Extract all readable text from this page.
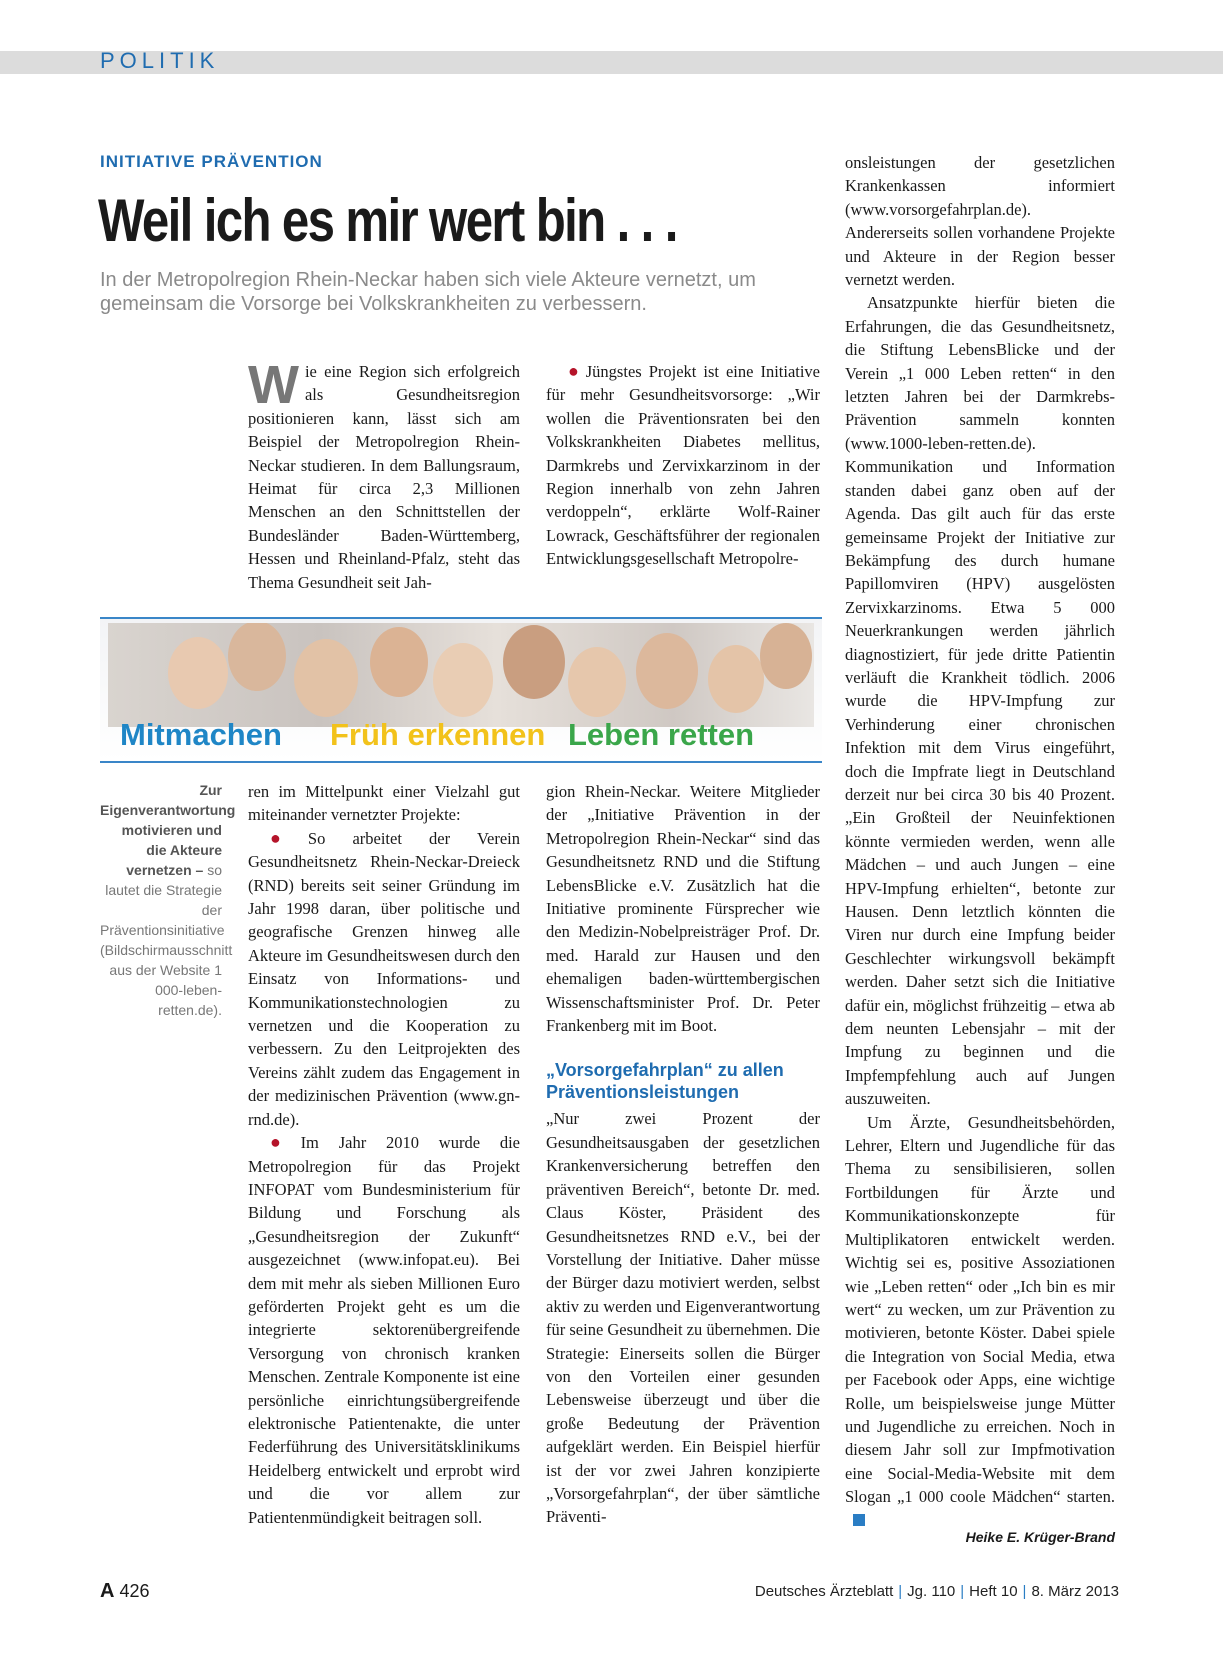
POLITIK
INITIATIVE PRÄVENTION
Weil ich es mir wert bin . . .
In der Metropolregion Rhein-Neckar haben sich viele Akteure vernetzt, um gemeinsam die Vorsorge bei Volkskrankheiten zu verbessern.

Wie eine Region sich erfolgreich als Gesundheitsregion positionieren kann, lässt sich am Beispiel der Metropolregion Rhein-Neckar studieren. In dem Ballungsraum, Heimat für circa 2,3 Millionen Menschen an den Schnittstellen der Bundesländer Baden-Württemberg, Hessen und Rheinland-Pfalz, steht das Thema Gesundheit seit Jah-

● Jüngstes Projekt ist eine Initiative für mehr Gesundheitsvorsorge: „Wir wollen die Präventionsraten bei den Volkskrankheiten Diabetes mellitus, Darmkrebs und Zervixkarzinom in der Region innerhalb von zehn Jahren verdoppeln“, erklärte Wolf-Rainer Lowrack, Geschäftsführer der regionalen Entwicklungsgesellschaft Metropolre-

Mitmachen Früh erkennen Leben retten
Zur Eigenverantwortung motivieren und die Akteure vernetzen – so lautet die Strategie der Präventionsinitiative (Bildschirmausschnitt aus der Website 1 000-leben-retten.de).

ren im Mittelpunkt einer Vielzahl gut miteinander vernetzter Projekte:

● So arbeitet der Verein Gesundheitsnetz Rhein-Neckar-Dreieck (RND) bereits seit seiner Gründung im Jahr 1998 daran, über politische und geografische Grenzen hinweg alle Akteure im Gesundheitswesen durch den Einsatz von Informations- und Kommunikationstechnologien zu vernetzen und die Kooperation zu verbessern. Zu den Leitprojekten des Vereins zählt zudem das Engagement in der medizinischen Prävention (www.gn-rnd.de).

● Im Jahr 2010 wurde die Metropolregion für das Projekt INFOPAT vom Bundesministerium für Bildung und Forschung als „Gesundheitsregion der Zukunft“ ausgezeichnet (www.infopat.eu). Bei dem mit mehr als sieben Millionen Euro geförderten Projekt geht es um die integrierte sektorenübergreifende Versorgung von chronisch kranken Menschen. Zentrale Komponente ist eine persönliche einrichtungsübergreifende elektronische Patientenakte, die unter Federführung des Universitätsklinikums Heidelberg entwickelt und erprobt wird und die vor allem zur Patientenmündigkeit beitragen soll.

gion Rhein-Neckar. Weitere Mitglieder der „Initiative Prävention in der Metropolregion Rhein-Neckar“ sind das Gesundheitsnetz RND und die Stiftung LebensBlicke e.V. Zusätzlich hat die Initiative prominente Fürsprecher wie den Medizin-Nobelpreisträger Prof. Dr. med. Harald zur Hausen und den ehemaligen baden-württembergischen Wissenschaftsminister Prof. Dr. Peter Frankenberg mit im Boot.

„Vorsorgefahrplan“ zu allen Präventionsleistungen

„Nur zwei Prozent der Gesundheitsausgaben der gesetzlichen Krankenversicherung betreffen den präventiven Bereich“, betonte Dr. med. Claus Köster, Präsident des Gesundheitsnetzes RND e.V., bei der Vorstellung der Initiative. Daher müsse der Bürger dazu motiviert werden, selbst aktiv zu werden und Eigenverantwortung für seine Gesundheit zu übernehmen. Die Strategie: Einerseits sollen die Bürger von den Vorteilen einer gesunden Lebensweise überzeugt und über die große Bedeutung der Prävention aufgeklärt werden. Ein Beispiel hierfür ist der vor zwei Jahren konzipierte „Vorsorgefahrplan“, der über sämtliche Präventi-

onsleistungen der gesetzlichen Krankenkassen informiert (www.vorsorgefahrplan.de). Andererseits sollen vorhandene Projekte und Akteure in der Region besser vernetzt werden.

Ansatzpunkte hierfür bieten die Erfahrungen, die das Gesundheitsnetz, die Stiftung LebensBlicke und der Verein „1 000 Leben retten“ in den letzten Jahren bei der Darmkrebs-Prävention sammeln konnten (www.1000-leben-retten.de). Kommunikation und Information standen dabei ganz oben auf der Agenda. Das gilt auch für das erste gemeinsame Projekt der Initiative zur Bekämpfung des durch humane Papillomviren (HPV) ausgelösten Zervixkarzinoms. Etwa 5 000 Neuerkrankungen werden jährlich diagnostiziert, für jede dritte Patientin verläuft die Krankheit tödlich. 2006 wurde die HPV-Impfung zur Verhinderung einer chronischen Infektion mit dem Virus eingeführt, doch die Impfrate liegt in Deutschland derzeit nur bei circa 30 bis 40 Prozent. „Ein Großteil der Neuinfektionen könnte vermieden werden, wenn alle Mädchen – und auch Jungen – eine HPV-Impfung erhielten“, betonte zur Hausen. Denn letztlich könnten die Viren nur durch eine Impfung beider Geschlechter wirkungsvoll bekämpft werden. Daher setzt sich die Initiative dafür ein, möglichst frühzeitig – etwa ab dem neunten Lebensjahr – mit der Impfung zu beginnen und die Impfempfehlung auch auf Jungen auszuweiten.

Um Ärzte, Gesundheitsbehörden, Lehrer, Eltern und Jugendliche für das Thema zu sensibilisieren, sollen Fortbildungen für Ärzte und Kommunikationskonzepte für Multiplikatoren entwickelt werden. Wichtig sei es, positive Assoziationen wie „Leben retten“ oder „Ich bin es mir wert“ zu wecken, um zur Prävention zu motivieren, betonte Köster. Dabei spiele die Integration von Social Media, etwa per Facebook oder Apps, eine wichtige Rolle, um beispielsweise junge Mütter und Jugendliche zu erreichen. Noch in diesem Jahr soll zur Impfmotivation eine Social-Media-Website mit dem Slogan „1 000 coole Mädchen“ starten.

Heike E. Krüger-Brand
A 426	Deutsches Ärzteblatt | Jg. 110 | Heft 10 | 8. März 2013
